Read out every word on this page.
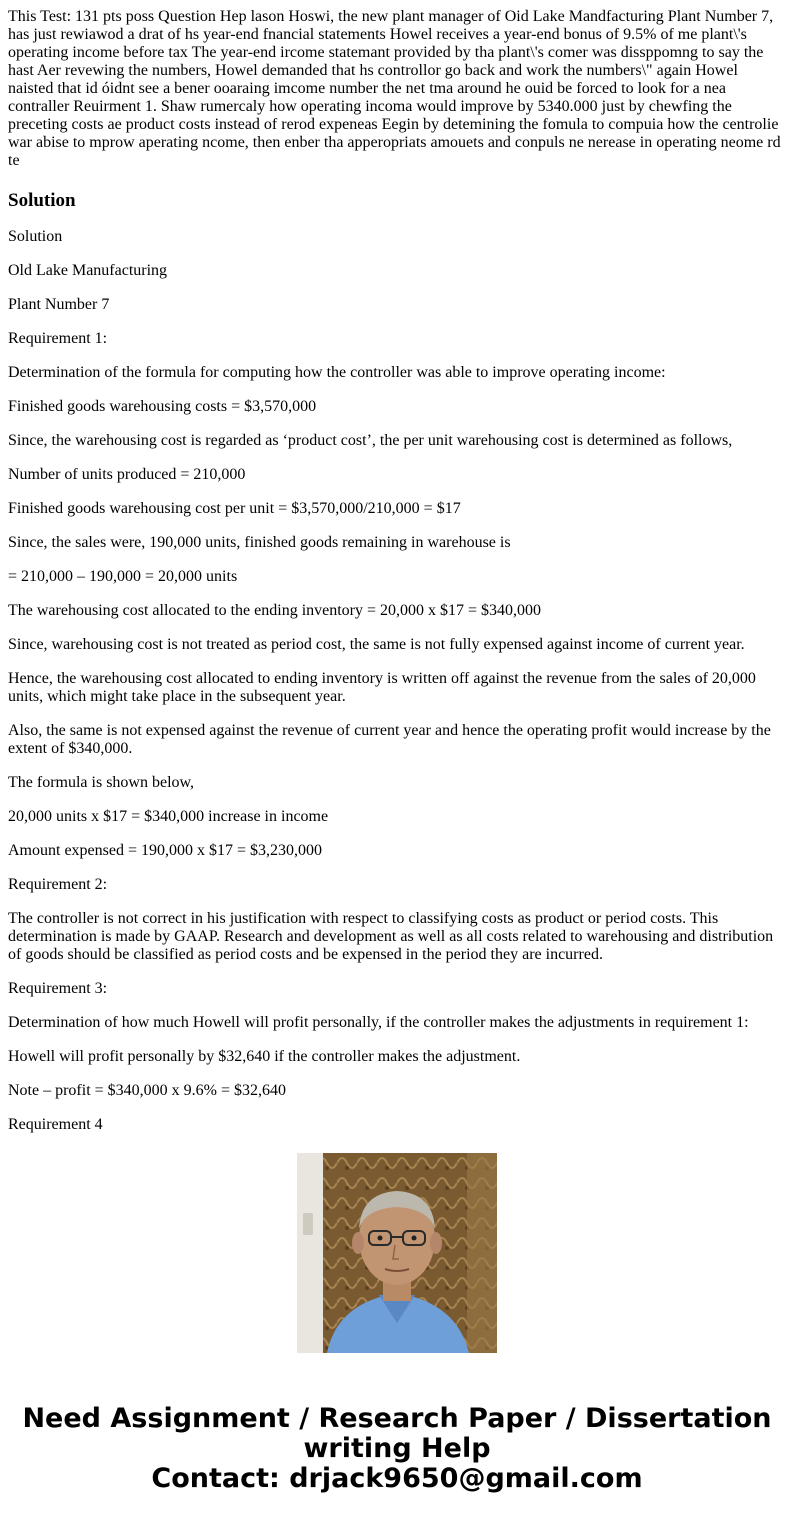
This Test: 131 pts poss Question Hep lason Hoswi, the new plant manager of Oid Lake Mandfacturing Plant Number 7, has just rewiawod a drat of hs year-end fnancial statements Howel receives a year-end bonus of 9.5% of me plant\'s operating income before tax The year-end ircome statemant provided by tha plant\'s comer was dissppomng to say the hast Aer revewing the numbers, Howel demanded that hs controllor go back and work the numbers\" again Howel naisted that id óidnt see a bener ooaraing imcome number the net tma around he ouid be forced to look for a nea contraller Reuirment 1. Shaw rumercaly how operating incoma would improve by 5340.000 just by chewfing the preceting costs ae product costs instead of rerod expeneas Eegin by detemining the fomula to compuia how the centrolie war abise to mprow aperating ncome, then enber tha apperopriats amouets and conpuls ne nerease in operating neome rd te
Solution
Solution
Old Lake Manufacturing
Plant Number 7
Requirement 1:
Determination of the formula for computing how the controller was able to improve operating income:
Finished goods warehousing costs = $3,570,000
Since, the warehousing cost is regarded as ‘product cost’, the per unit warehousing cost is determined as follows,
Number of units produced = 210,000
Finished goods warehousing cost per unit = $3,570,000/210,000 = $17
Since, the sales were, 190,000 units, finished goods remaining in warehouse is
= 210,000 – 190,000 = 20,000 units
The warehousing cost allocated to the ending inventory = 20,000 x $17 = $340,000
Since, warehousing cost is not treated as period cost, the same is not fully expensed against income of current year.
Hence, the warehousing cost allocated to ending inventory is written off against the revenue from the sales of 20,000 units, which might take place in the subsequent year.
Also, the same is not expensed against the revenue of current year and hence the operating profit would increase by the extent of $340,000.
The formula is shown below,
20,000 units x $17 = $340,000 increase in income
Amount expensed = 190,000 x $17 = $3,230,000
Requirement 2:
The controller is not correct in his justification with respect to classifying costs as product or period costs. This determination is made by GAAP. Research and development as well as all costs related to warehousing and distribution of goods should be classified as period costs and be expensed in the period they are incurred.
Requirement 3:
Determination of how much Howell will profit personally, if the controller makes the adjustments in requirement 1:
Howell will profit personally by $32,640 if the controller makes the adjustment.
Note – profit = $340,000 x 9.6% = $32,640
Requirement 4
Need Assignment / Research Paper / Dissertation
writing Help
Contact: drjack9650@gmail.com
